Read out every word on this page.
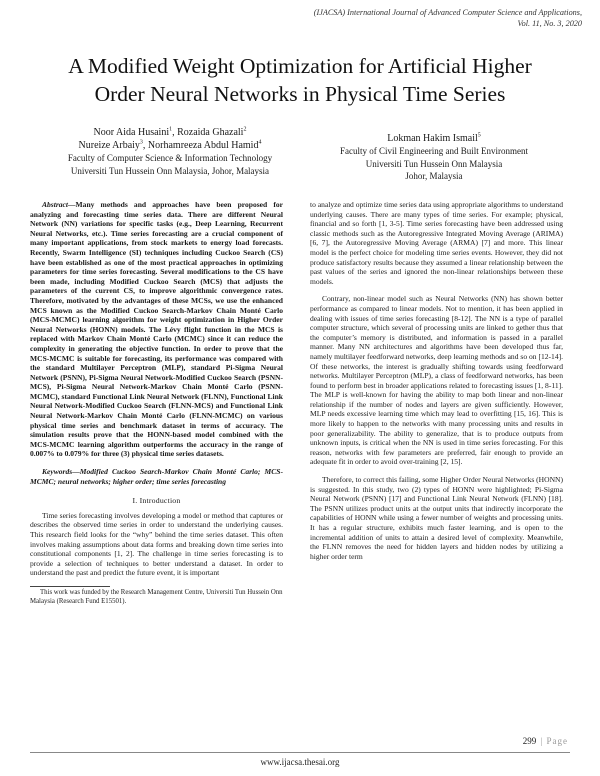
(IJACSA) International Journal of Advanced Computer Science and Applications,
Vol. 11, No. 3, 2020
A Modified Weight Optimization for Artificial Higher
Order Neural Networks in Physical Time Series
Noor Aida Husaini$^1$, Rozaida Ghazali$^2$
Nureize Arbaiy$^3$, Norhamreeza Abdul Hamid$^4$
Faculty of Computer Science & Information Technology
Universiti Tun Hussein Onn Malaysia, Johor, Malaysia
Lokman Hakim Ismail$^5$
Faculty of Civil Engineering and Built Environment
Universiti Tun Hussein Onn Malaysia
Johor, Malaysia

Abstract—Many methods and approaches have been proposed for analyzing and forecasting time series data. There are different Neural Network (NN) variations for specific tasks (e.g., Deep Learning, Recurrent Neural Networks, etc.). Time series forecasting are a crucial component of many important applications, from stock markets to energy load forecasts. Recently, Swarm Intelligence (SI) techniques including Cuckoo Search (CS) have been established as one of the most practical approaches in optimizing parameters for time series forecasting. Several modifications to the CS have been made, including Modified Cuckoo Search (MCS) that adjusts the parameters of the current CS, to improve algorithmic convergence rates. Therefore, motivated by the advantages of these MCSs, we use the enhanced MCS known as the Modified Cuckoo Search-Markov Chain Monté Carlo (MCS-MCMC) learning algorithm for weight optimization in Higher Order Neural Networks (HONN) models. The Lévy flight function in the MCS is replaced with Markov Chain Monté Carlo (MCMC) since it can reduce the complexity in generating the objective function. In order to prove that the MCS-MCMC is suitable for forecasting, its performance was compared with the standard Multilayer Perceptron (MLP), standard Pi-Sigma Neural Network (PSNN), Pi-Sigma Neural Network-Modified Cuckoo Search (PSNN-MCS), Pi-Sigma Neural Network-Markov Chain Monté Carlo (PSNN-MCMC), standard Functional Link Neural Network (FLNN), Functional Link Neural Network-Modified Cuckoo Search (FLNN-MCS) and Functional Link Neural Network-Markov Chain Monté Carlo (FLNN-MCMC) on various physical time series and benchmark dataset in terms of accuracy. The simulation results prove that the HONN-based model combined with the MCS-MCMC learning algorithm outperforms the accuracy in the range of 0.007% to 0.079% for three (3) physical time series datasets.

Keywords—Modified Cuckoo Search-Markov Chain Monté Carlo; MCS-MCMC; neural networks; higher order; time series forecasting

I. Introduction

Time series forecasting involves developing a model or method that captures or describes the observed time series in order to understand the underlying causes. This research field looks for the “why” behind the time series dataset. This often involves making assumptions about data forms and breaking down time series into constitutional components [1, 2]. The challenge in time series forecasting is to provide a selection of techniques to better understand a dataset. In order to understand the past and predict the future event, it is important

This work was funded by the Research Management Centre, Universiti Tun Hussein Onn Malaysia (Research Fund E15501).

to analyze and optimize time series data using appropriate algorithms to understand underlying causes. There are many types of time series. For example; physical, financial and so forth [1, 3-5]. Time series forecasting have been addressed using classic methods such as the Autoregressive Integrated Moving Average (ARIMA) [6, 7], the Autoregressive Moving Average (ARMA) [7] and more. This linear model is the perfect choice for modeling time series events. However, they did not produce satisfactory results because they assumed a linear relationship between the past values of the series and ignored the non-linear relationships between these models.

Contrary, non-linear model such as Neural Networks (NN) has shown better performance as compared to linear models. Not to mention, it has been applied in dealing with issues of time series forecasting [8-12]. The NN is a type of parallel computer structure, which several of processing units are linked to gether thus that the computer’s memory is distributed, and information is passed in a parallel manner. Many NN architectures and algorithms have been developed thus far, namely multilayer feedforward networks, deep learning methods and so on [12-14]. Of these networks, the interest is gradually shifting towards using feedforward networks. Multilayer Perceptron (MLP), a class of feedforward networks, has been found to perform best in broader applications related to forecasting issues [1, 8-11]. The MLP is well-known for having the ability to map both linear and non-linear relationship if the number of nodes and layers are given sufficiently. However, MLP needs excessive learning time which may lead to overfitting [15, 16]. This is more likely to happen to the networks with many processing units and results in poor generalizability. The ability to generalize, that is to produce outputs from unknown inputs, is critical when the NN is used in time series forecasting. For this reason, networks with few parameters are preferred, fair enough to provide an adequate fit in order to avoid over-training [2, 15].

Therefore, to correct this failing, some Higher Order Neural Networks (HONN) is suggested. In this study, two (2) types of HONN were highlighted; Pi-Sigma Neural Network (PSNN) [17] and Functional Link Neural Network (FLNN) [18]. The PSNN utilizes product units at the output units that indirectly incorporate the capabilities of HONN while using a fewer number of weights and processing units. It has a regular structure, exhibits much faster learning, and is open to the incremental addition of units to attain a desired level of complexity. Meanwhile, the FLNN removes the need for hidden layers and hidden nodes by utilizing a higher order term

299 | Page
www.ijacsa.thesai.org
